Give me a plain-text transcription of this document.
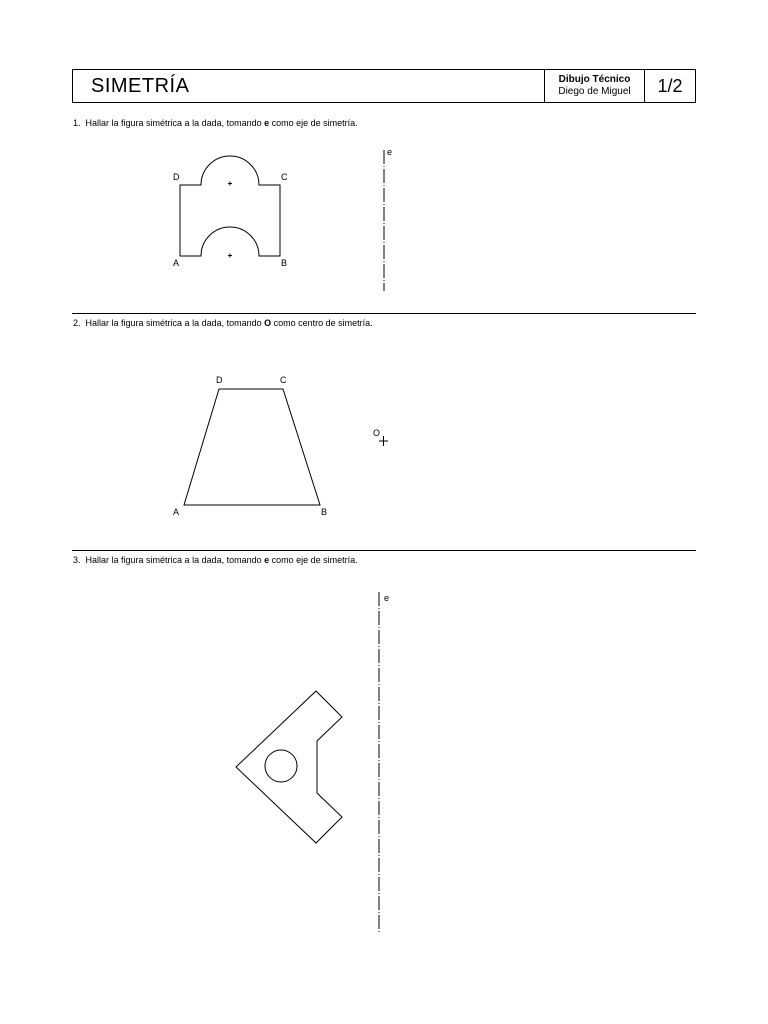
SIMETRÍA	Dibujo Técnico
Diego de Miguel	1/2
1. Hallar la figura simétrica a la dada, tomando e como eje de simetría.
2. Hallar la figura simétrica a la dada, tomando O como centro de simetría.
3. Hallar la figura simétrica a la dada, tomando e como eje de simetría.
D	C
A	B
e
D	C
A	B
O
e
